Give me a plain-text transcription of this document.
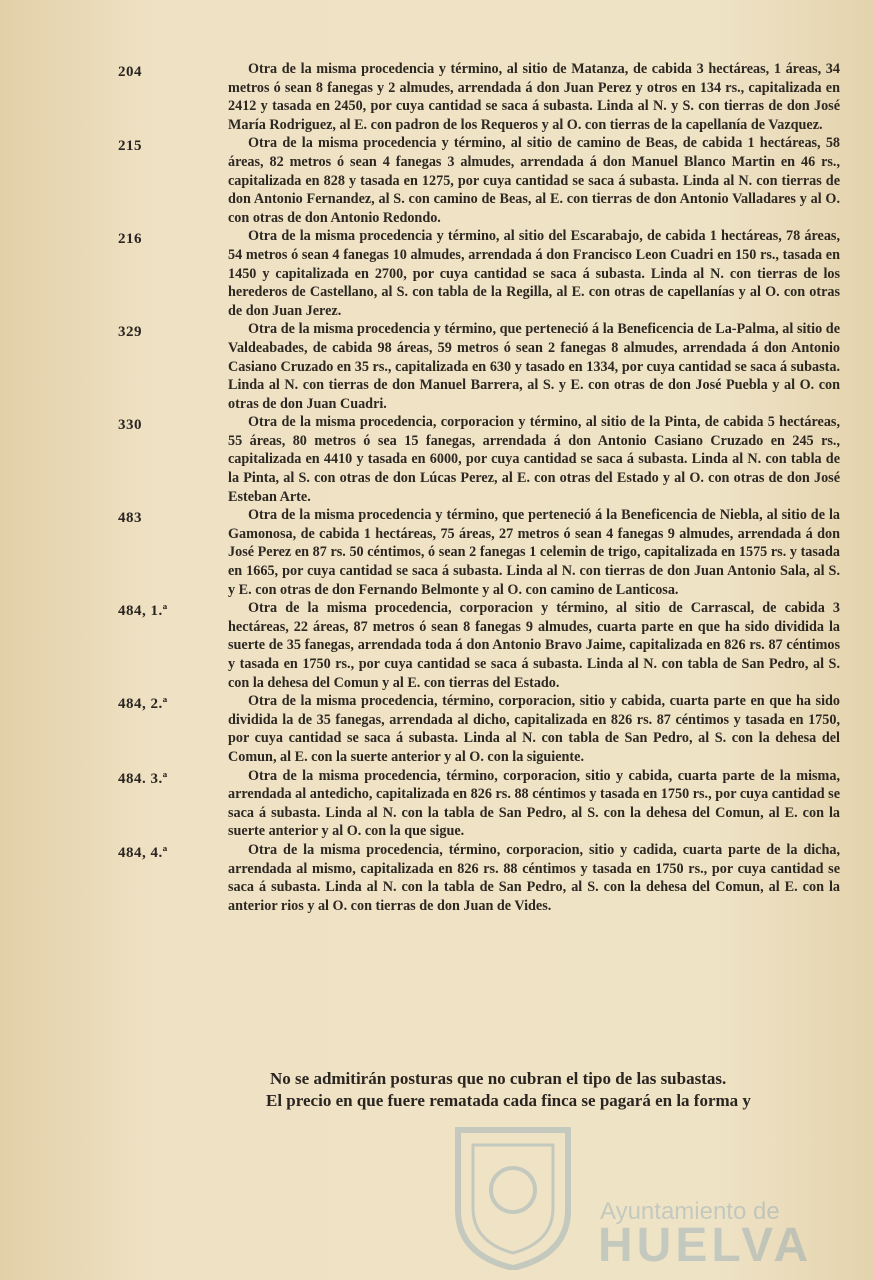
204	Otra de la misma procedencia y término, al sitio de Matanza, de cabida 3 hectáreas, 1 áreas, 34 metros ó sean 8 fanegas y 2 almudes, arrendada á don Juan Perez y otros en 134 rs., capitalizada en 2412 y tasada en 2450, por cuya cantidad se saca á subasta. Linda al N. y S. con tierras de don José María Rodriguez, al E. con padron de los Requeros y al O. con tierras de la capellanía de Vazquez.
215	Otra de la misma procedencia y término, al sitio de camino de Beas, de cabida 1 hectáreas, 58 áreas, 82 metros ó sean 4 fanegas 3 almudes, arrendada á don Manuel Blanco Martin en 46 rs., capitalizada en 828 y tasada en 1275, por cuya cantidad se saca á subasta. Linda al N. con tierras de don Antonio Fernandez, al S. con camino de Beas, al E. con tierras de don Antonio Valladares y al O. con otras de don Antonio Redondo.
216	Otra de la misma procedencia y término, al sitio del Escarabajo, de cabida 1 hectáreas, 78 áreas, 54 metros ó sean 4 fanegas 10 almudes, arrendada á don Francisco Leon Cuadri en 150 rs., tasada en 1450 y capitalizada en 2700, por cuya cantidad se saca á subasta. Linda al N. con tierras de los herederos de Castellano, al S. con tabla de la Regilla, al E. con otras de capellanías y al O. con otras de don Juan Jerez.
329	Otra de la misma procedencia y término, que perteneció á la Beneficencia de La-Palma, al sitio de Valdeabades, de cabida 98 áreas, 59 metros ó sean 2 fanegas 8 almudes, arrendada á don Antonio Casiano Cruzado en 35 rs., capitalizada en 630 y tasado en 1334, por cuya cantidad se saca á subasta. Linda al N. con tierras de don Manuel Barrera, al S. y E. con otras de don José Puebla y al O. con otras de don Juan Cuadri.
330	Otra de la misma procedencia, corporacion y término, al sitio de la Pinta, de cabida 5 hectáreas, 55 áreas, 80 metros ó sea 15 fanegas, arrendada á don Antonio Casiano Cruzado en 245 rs., capitalizada en 4410 y tasada en 6000, por cuya cantidad se saca á subasta. Linda al N. con tabla de la Pinta, al S. con otras de don Lúcas Perez, al E. con otras del Estado y al O. con otras de don José Esteban Arte.
483	Otra de la misma procedencia y término, que perteneció á la Beneficencia de Niebla, al sitio de la Gamonosa, de cabida 1 hectáreas, 75 áreas, 27 metros ó sean 4 fanegas 9 almudes, arrendada á don José Perez en 87 rs. 50 céntimos, ó sean 2 fanegas 1 celemin de trigo, capitalizada en 1575 rs. y tasada en 1665, por cuya cantidad se saca á subasta. Linda al N. con tierras de don Juan Antonio Sala, al S. y E. con otras de don Fernando Belmonte y al O. con camino de Lanticosa.
484, 1.ª	Otra de la misma procedencia, corporacion y término, al sitio de Carrascal, de cabida 3 hectáreas, 22 áreas, 87 metros ó sean 8 fanegas 9 almudes, cuarta parte en que ha sido dividida la suerte de 35 fanegas, arrendada toda á don Antonio Bravo Jaime, capitalizada en 826 rs. 87 céntimos y tasada en 1750 rs., por cuya cantidad se saca á subasta. Linda al N. con tabla de San Pedro, al S. con la dehesa del Comun y al E. con tierras del Estado.
484, 2.ª	Otra de la misma procedencia, término, corporacion, sitio y cabida, cuarta parte en que ha sido dividida la de 35 fanegas, arrendada al dicho, capitalizada en 826 rs. 87 céntimos y tasada en 1750, por cuya cantidad se saca á subasta. Linda al N. con tabla de San Pedro, al S. con la dehesa del Comun, al E. con la suerte anterior y al O. con la siguiente.
484. 3.ª	Otra de la misma procedencia, término, corporacion, sitio y cabida, cuarta parte de la misma, arrendada al antedicho, capitalizada en 826 rs. 88 céntimos y tasada en 1750 rs., por cuya cantidad se saca á subasta. Linda al N. con la tabla de San Pedro, al S. con la dehesa del Comun, al E. con la suerte anterior y al O. con la que sigue.
484, 4.ª	Otra de la misma procedencia, término, corporacion, sitio y cadida, cuarta parte de la dicha, arrendada al mismo, capitalizada en 826 rs. 88 céntimos y tasada en 1750 rs., por cuya cantidad se saca á subasta. Linda al N. con la tabla de San Pedro, al S. con la dehesa del Comun, al E. con la anterior rios y al O. con tierras de don Juan de Vides.

No se admitirán posturas que no cubran el tipo de las subastas.

El precio en que fuere rematada cada finca se pagará en la forma y

Ayuntamiento de
HUELVA
